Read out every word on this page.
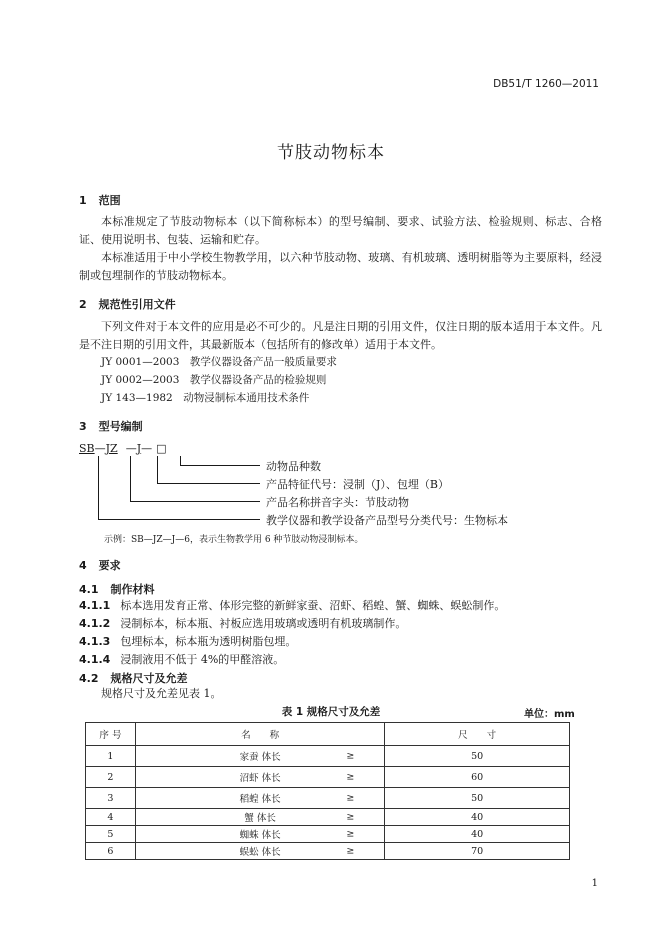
DB51/T 1260—2011
节肢动物标本
1 范围
本标准规定了节肢动物标本（以下简称标本）的型号编制、要求、试验方法、检验规则、标志、合格证、使用说明书、包装、运输和贮存。
本标准适用于中小学校生物教学用，以六种节肢动物、玻璃、有机玻璃、透明树脂等为主要原料，经浸制或包埋制作的节肢动物标本。
2 规范性引用文件
下列文件对于本文件的应用是必不可少的。凡是注日期的引用文件，仅注日期的版本适用于本文件。凡是不注日期的引用文件，其最新版本（包括所有的修改单）适用于本文件。
JY 0001—2003　教学仪器设备产品一般质量要求
JY 0002—2003　教学仪器设备产品的检验规则
JY 143—1982　动物浸制标本通用技术条件
3 型号编制
SB—JZ —J— □
动物品种数
产品特征代号：浸制（J）、包埋（B）
产品名称拼音字头：节肢动物
教学仪器和教学设备产品型号分类代号：生物标本
示例：SB—JZ—J—6，表示生物教学用 6 种节肢动物浸制标本。
4 要求
4.1 制作材料
4.1.1 标本选用发育正常、体形完整的新鲜家蚕、沼虾、稻蝗、蟹、蜘蛛、蜈蚣制作。
4.1.2 浸制标本，标本瓶、衬板应选用玻璃或透明有机玻璃制作。
4.1.3 包埋标本，标本瓶为透明树脂包埋。
4.1.4 浸制液用不低于 4%的甲醛溶液。
4.2 规格尺寸及允差
规格尺寸及允差见表 1。
表 1 规格尺寸及允差	单位：mm
序 号	名　　称	尺　　寸
1	家蚕 体长 ≥	50
2	沼虾 体长 ≥	60
3	稻蝗 体长 ≥	50
4	蟹 体长 ≥	40
5	蜘蛛 体长 ≥	40
6	蜈蚣 体长 ≥	70
1
